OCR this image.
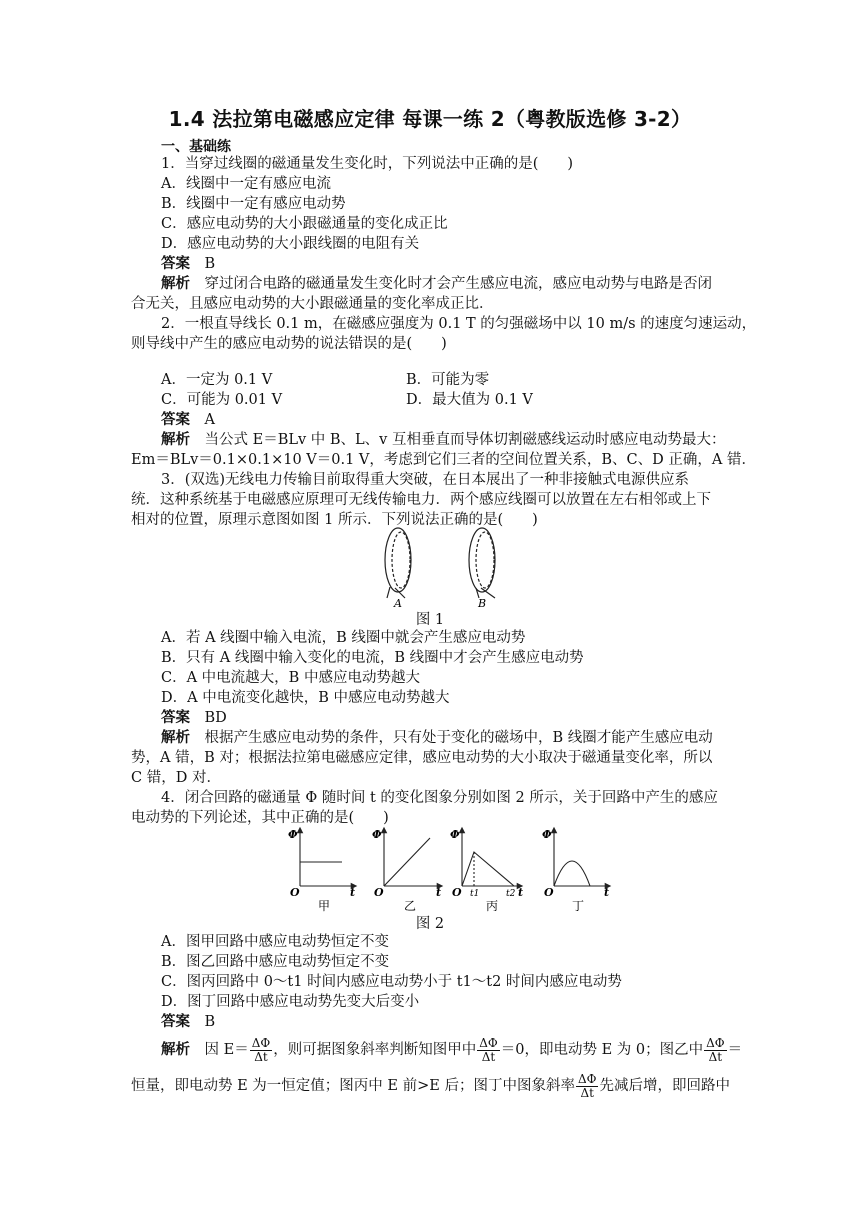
1.4 法拉第电磁感应定律 每课一练 2（粤教版选修 3-2）
一、基础练
1．当穿过线圈的磁通量发生变化时，下列说法中正确的是(　　)
A．线圈中一定有感应电流
B．线圈中一定有感应电动势
C．感应电动势的大小跟磁通量的变化成正比
D．感应电动势的大小跟线圈的电阻有关
答案　 B
解析　 穿过闭合电路的磁通量发生变化时才会产生感应电流，感应电动势与电路是否闭
合无关，且感应电动势的大小跟磁通量的变化率成正比．
2．一根直导线长 0.1 m，在磁感应强度为 0.1 T 的匀强磁场中以 10 m/s 的速度匀速运动，
则导线中产生的感应电动势的说法错误的是(　　)
A．一定为 0.1 V	B．可能为零
C．可能为 0.01 V	D．最大值为 0.1 V
答案　 A
解析　 当公式 E＝BLv 中 B、L、v 互相垂直而导体切割磁感线运动时感应电动势最大：
Em＝BLv＝0.1×0.1×10 V＝0.1 V，考虑到它们三者的空间位置关系，B、C、D 正确，A 错．
3．(双选)无线电力传输目前取得重大突破，在日本展出了一种非接触式电源供应系
统．这种系统基于电磁感应原理可无线传输电力．两个感应线圈可以放置在左右相邻或上下
相对的位置，原理示意图如图 1 所示．下列说法正确的是(　　)
A	B
图 1
A．若 A 线圈中输入电流，B 线圈中就会产生感应电动势
B．只有 A 线圈中输入变化的电流，B 线圈中才会产生感应电动势
C．A 中电流越大，B 中感应电动势越大
D．A 中电流变化越快，B 中感应电动势越大
答案　 BD
解析　 根据产生感应电动势的条件，只有处于变化的磁场中，B 线圈才能产生感应电动
势，A 错，B 对；根据法拉第电磁感应定律，感应电动势的大小取决于磁通量变化率，所以
C 错，D 对．
4．闭合回路的磁通量 Φ 随时间 t 的变化图象分别如图 2 所示，关于回路中产生的感应
电动势的下列论述，其中正确的是(　　)
Φ
t
O
甲
Φ
t
O
乙
Φ
t
O t1	t2
丙
Φ
t
O
丁
图 2
A．图甲回路中感应电动势恒定不变
B．图乙回路中感应电动势恒定不变
C．图丙回路中 0～t1 时间内感应电动势小于 t1～t2 时间内感应电动势
D．图丁回路中感应电动势先变大后变小
答案　 B
解析　 因 $E= \frac{\Delta\Phi}{\Delta t}$ ，则可据图象斜率判断知图甲中 $\frac{\Delta\Phi}{\Delta t} =0$，即电动势 E 为 0；图乙中 $\frac{\Delta\Phi}{\Delta t}$ ＝
恒量，即电动势 E 为一恒定值；图丙中 E 前>E 后；图丁中图象斜率 $\frac{\Delta\Phi}{\Delta t}$ 先减后增，即回路中
